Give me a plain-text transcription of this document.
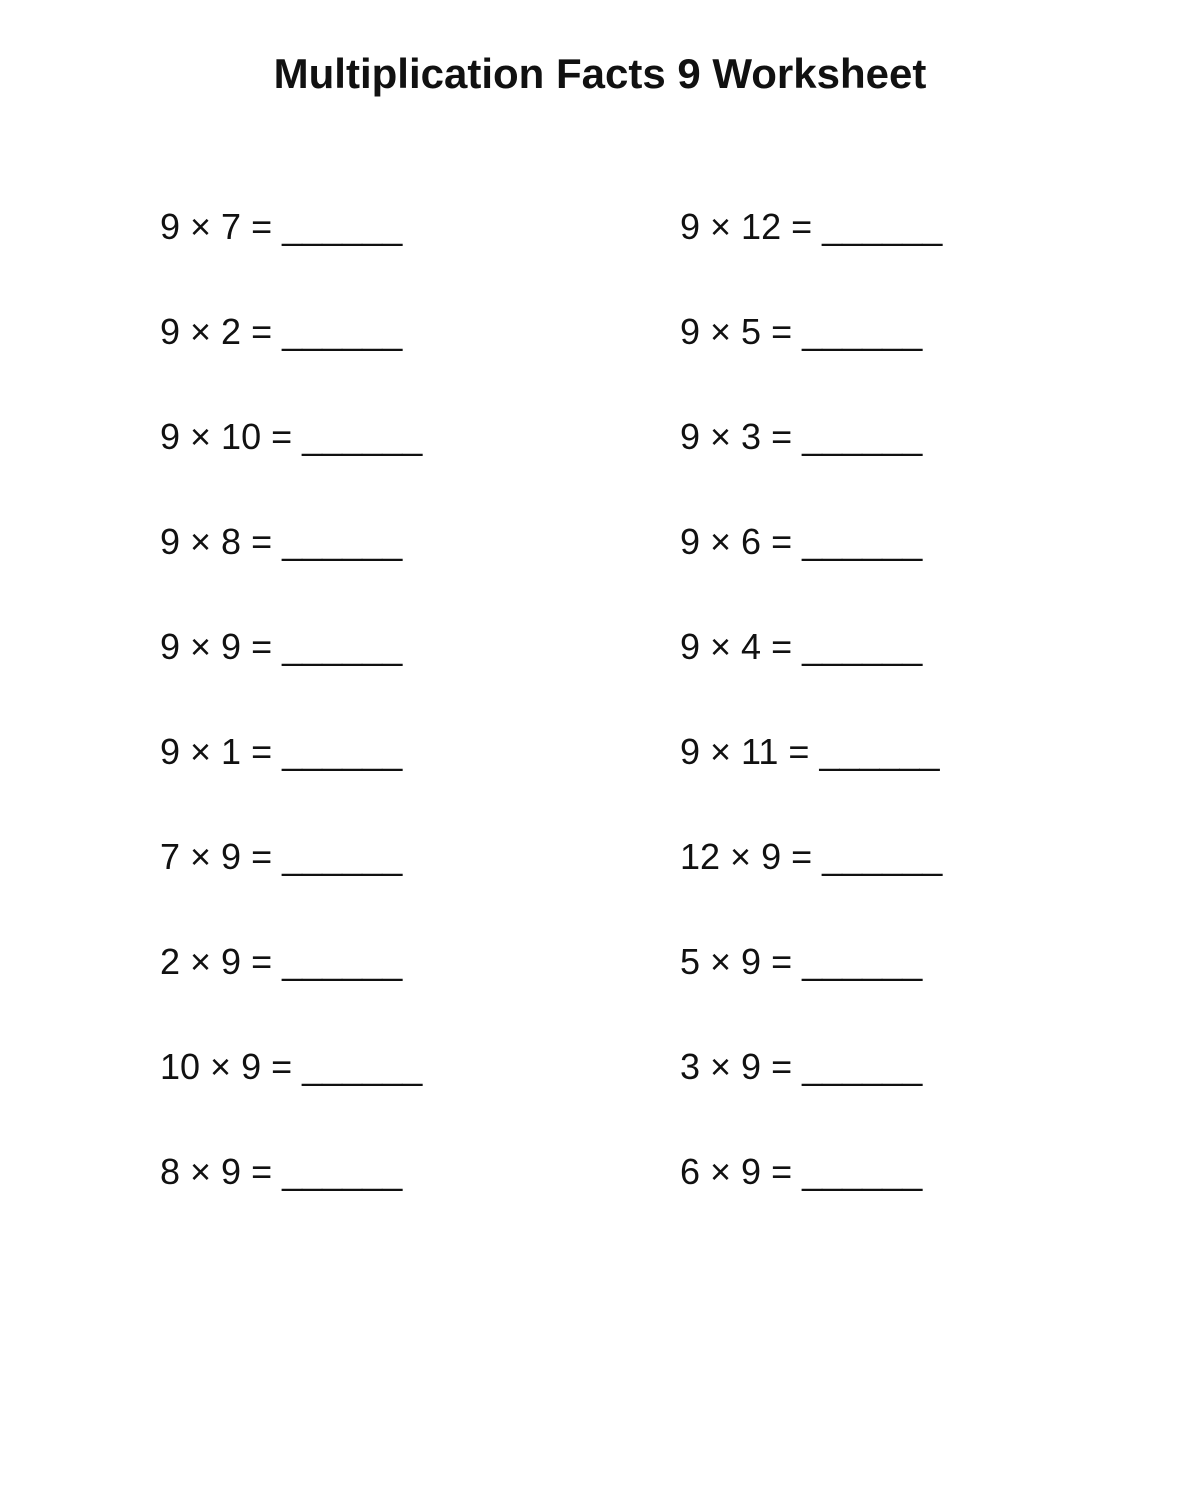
Multiplication Facts 9 Worksheet
9 × 7 = ______	9 × 12 = ______
9 × 2 = ______	9 × 5 = ______
9 × 10 = ______	9 × 3 = ______
9 × 8 = ______	9 × 6 = ______
9 × 9 = ______	9 × 4 = ______
9 × 1 = ______	9 × 11 = ______
7 × 9 = ______	12 × 9 = ______
2 × 9 = ______	5 × 9 = ______
10 × 9 = ______	3 × 9 = ______
8 × 9 = ______	6 × 9 = ______
